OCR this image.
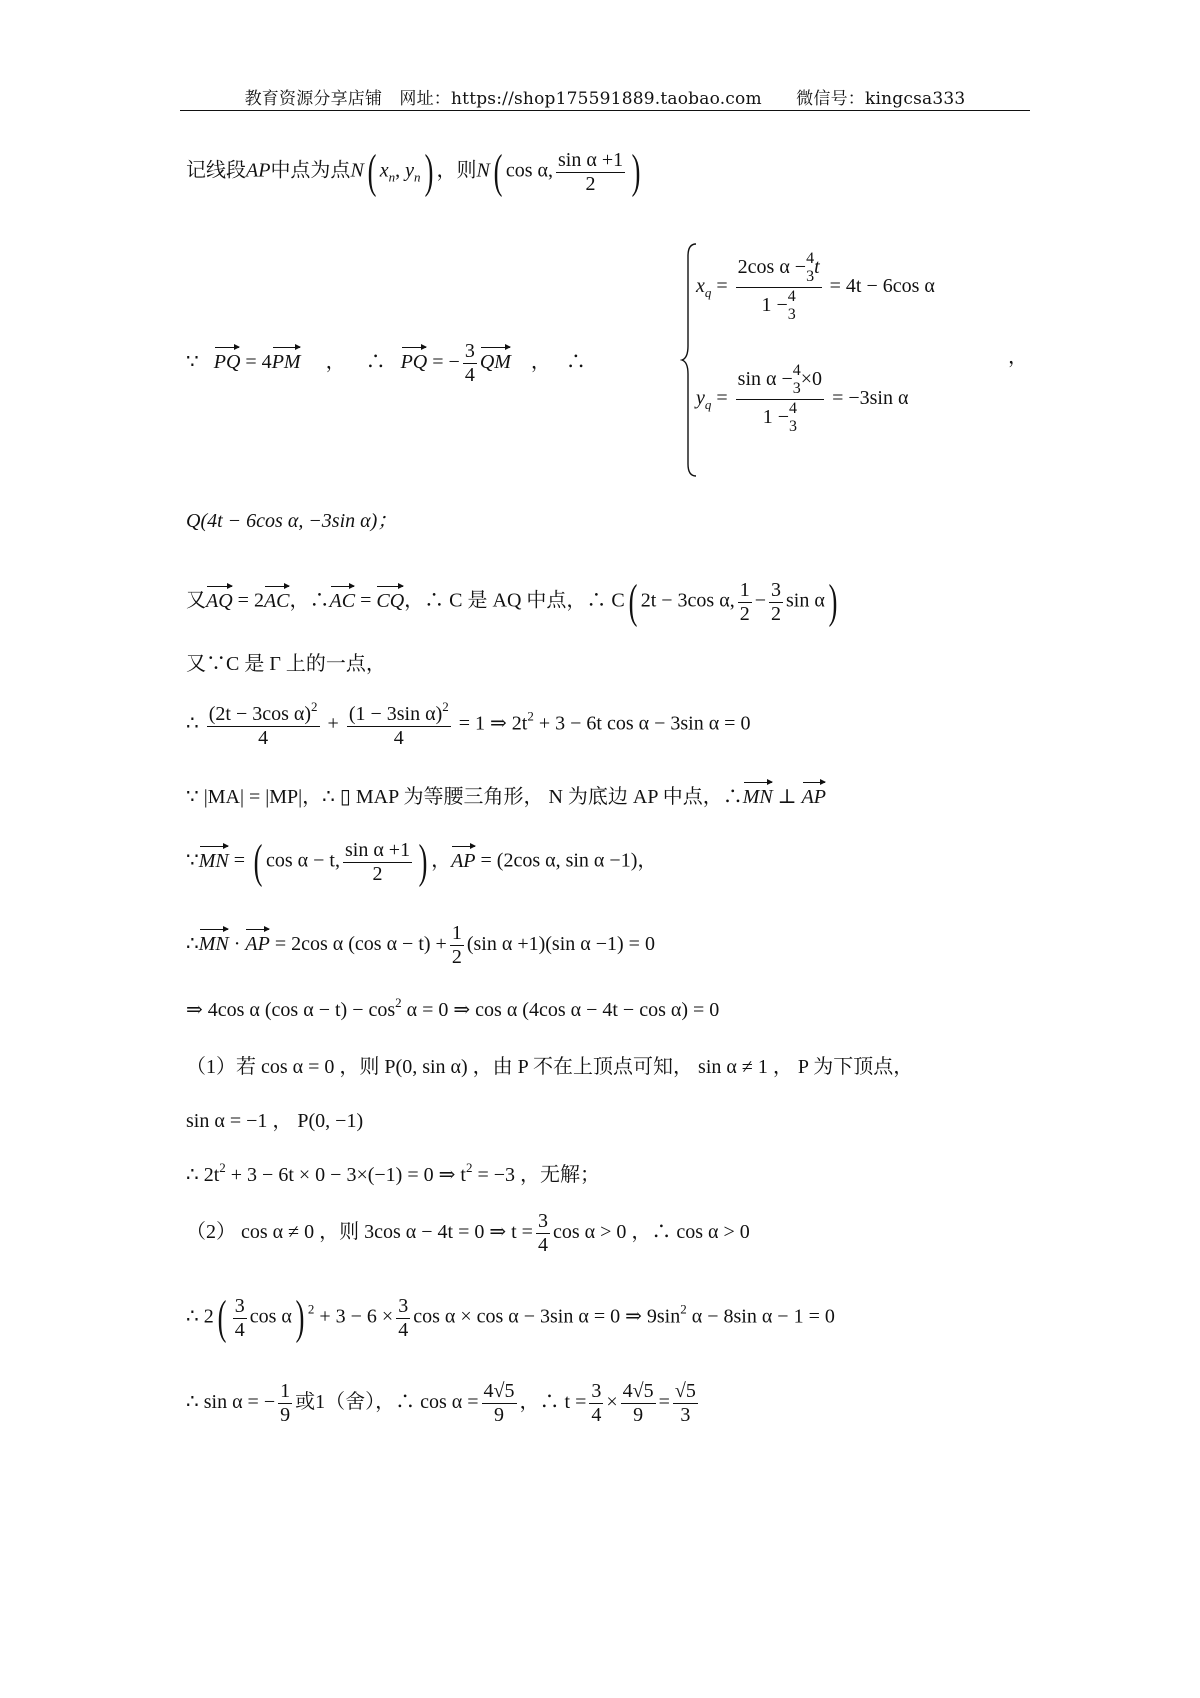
教育资源分享店铺　网址：https://shop175591889.taobao.com　　微信号：kingcsa333
记线段AP中点为点N( $x_n$, $y_n$) ，则N( cos α, $\frac{\text{sin α +1}}{2}$ )
∵ PQ = 4PM ， ∴ PQ = − $\frac{3}{4}$ QM ， ∴	，
$x_q = 2\cos$ α − 4
3 t
1 − 4
3 = 4t − 6cos α
$y_q = \sin \alpha - 4$
3 ×0
1 − 4
3 = −3sin α
Q(4t − 6cos α, −3sin α)；
又AQ = 2AC，∴AC = CQ，∴ C 是 AQ 中点，∴ C( 2t − 3cos α, $\frac{1}{2} - \frac{3}{2}$ sin α)
又∵C 是 Γ 上的一点，
∴ $\frac{(2t - 3\cos \alpha)^2}{4} + \frac{(1 - 3\sin \alpha)^2}{4} = 1$ ⇒ $2t^2 + 3 - 6t$ cos α − 3sin α = 0
∵ |MA| = |MP|，∴ ▯ MAP 为等腰三角形， N 为底边 AP 中点，∴MN ⊥ AP
∵MN = ( cos α − t, $\frac{\text{sin α +1}}{2}$ ) ，AP = (2cos α, sin α −1)，
∴MN · AP = 2cos α (cos $\alpha - t) + \frac{1}{2} (\sin$ α +1)(sin α −1) = 0
⇒ 4cos α (cos $\alpha - t) - \cos^2 \alpha = 0$ ⇒ cos α (4cos α − 4t − cos α) = 0
（1）若 cos α = 0 ，则 P(0, sin α) ，由 P 不在上顶点可知， sin α ≠ 1 ， P 为下顶点，
sin α = −1 ， P(0, −1)
∴ $2t^2 + 3 - 6t \times 0 - 3\times(-1) = 0$ ⇒ $t^2 = -3$ ，无解；
（2） cos α ≠ 0 ，则 3cos α − 4t = 0 ⇒ $t = \frac{3}{4}$ cos α > 0 ，∴ cos α > 0
∴ $2( \frac{3}{4}$ cos α) $^2 + 3 - 6 \times \frac{3}{4}$ cos α × cos α − 3sin α = 0 ⇒ $9\sin^2$ α − 8sin α − 1 = 0
∴ sin α = − $\frac{1}{9}$ 或1（舍），∴ $\cos \alpha = \frac{4√5}{9}$ ，∴ $t = \frac{3}{4} \times \frac{4√5}{9} = \frac{√5}{3}$
